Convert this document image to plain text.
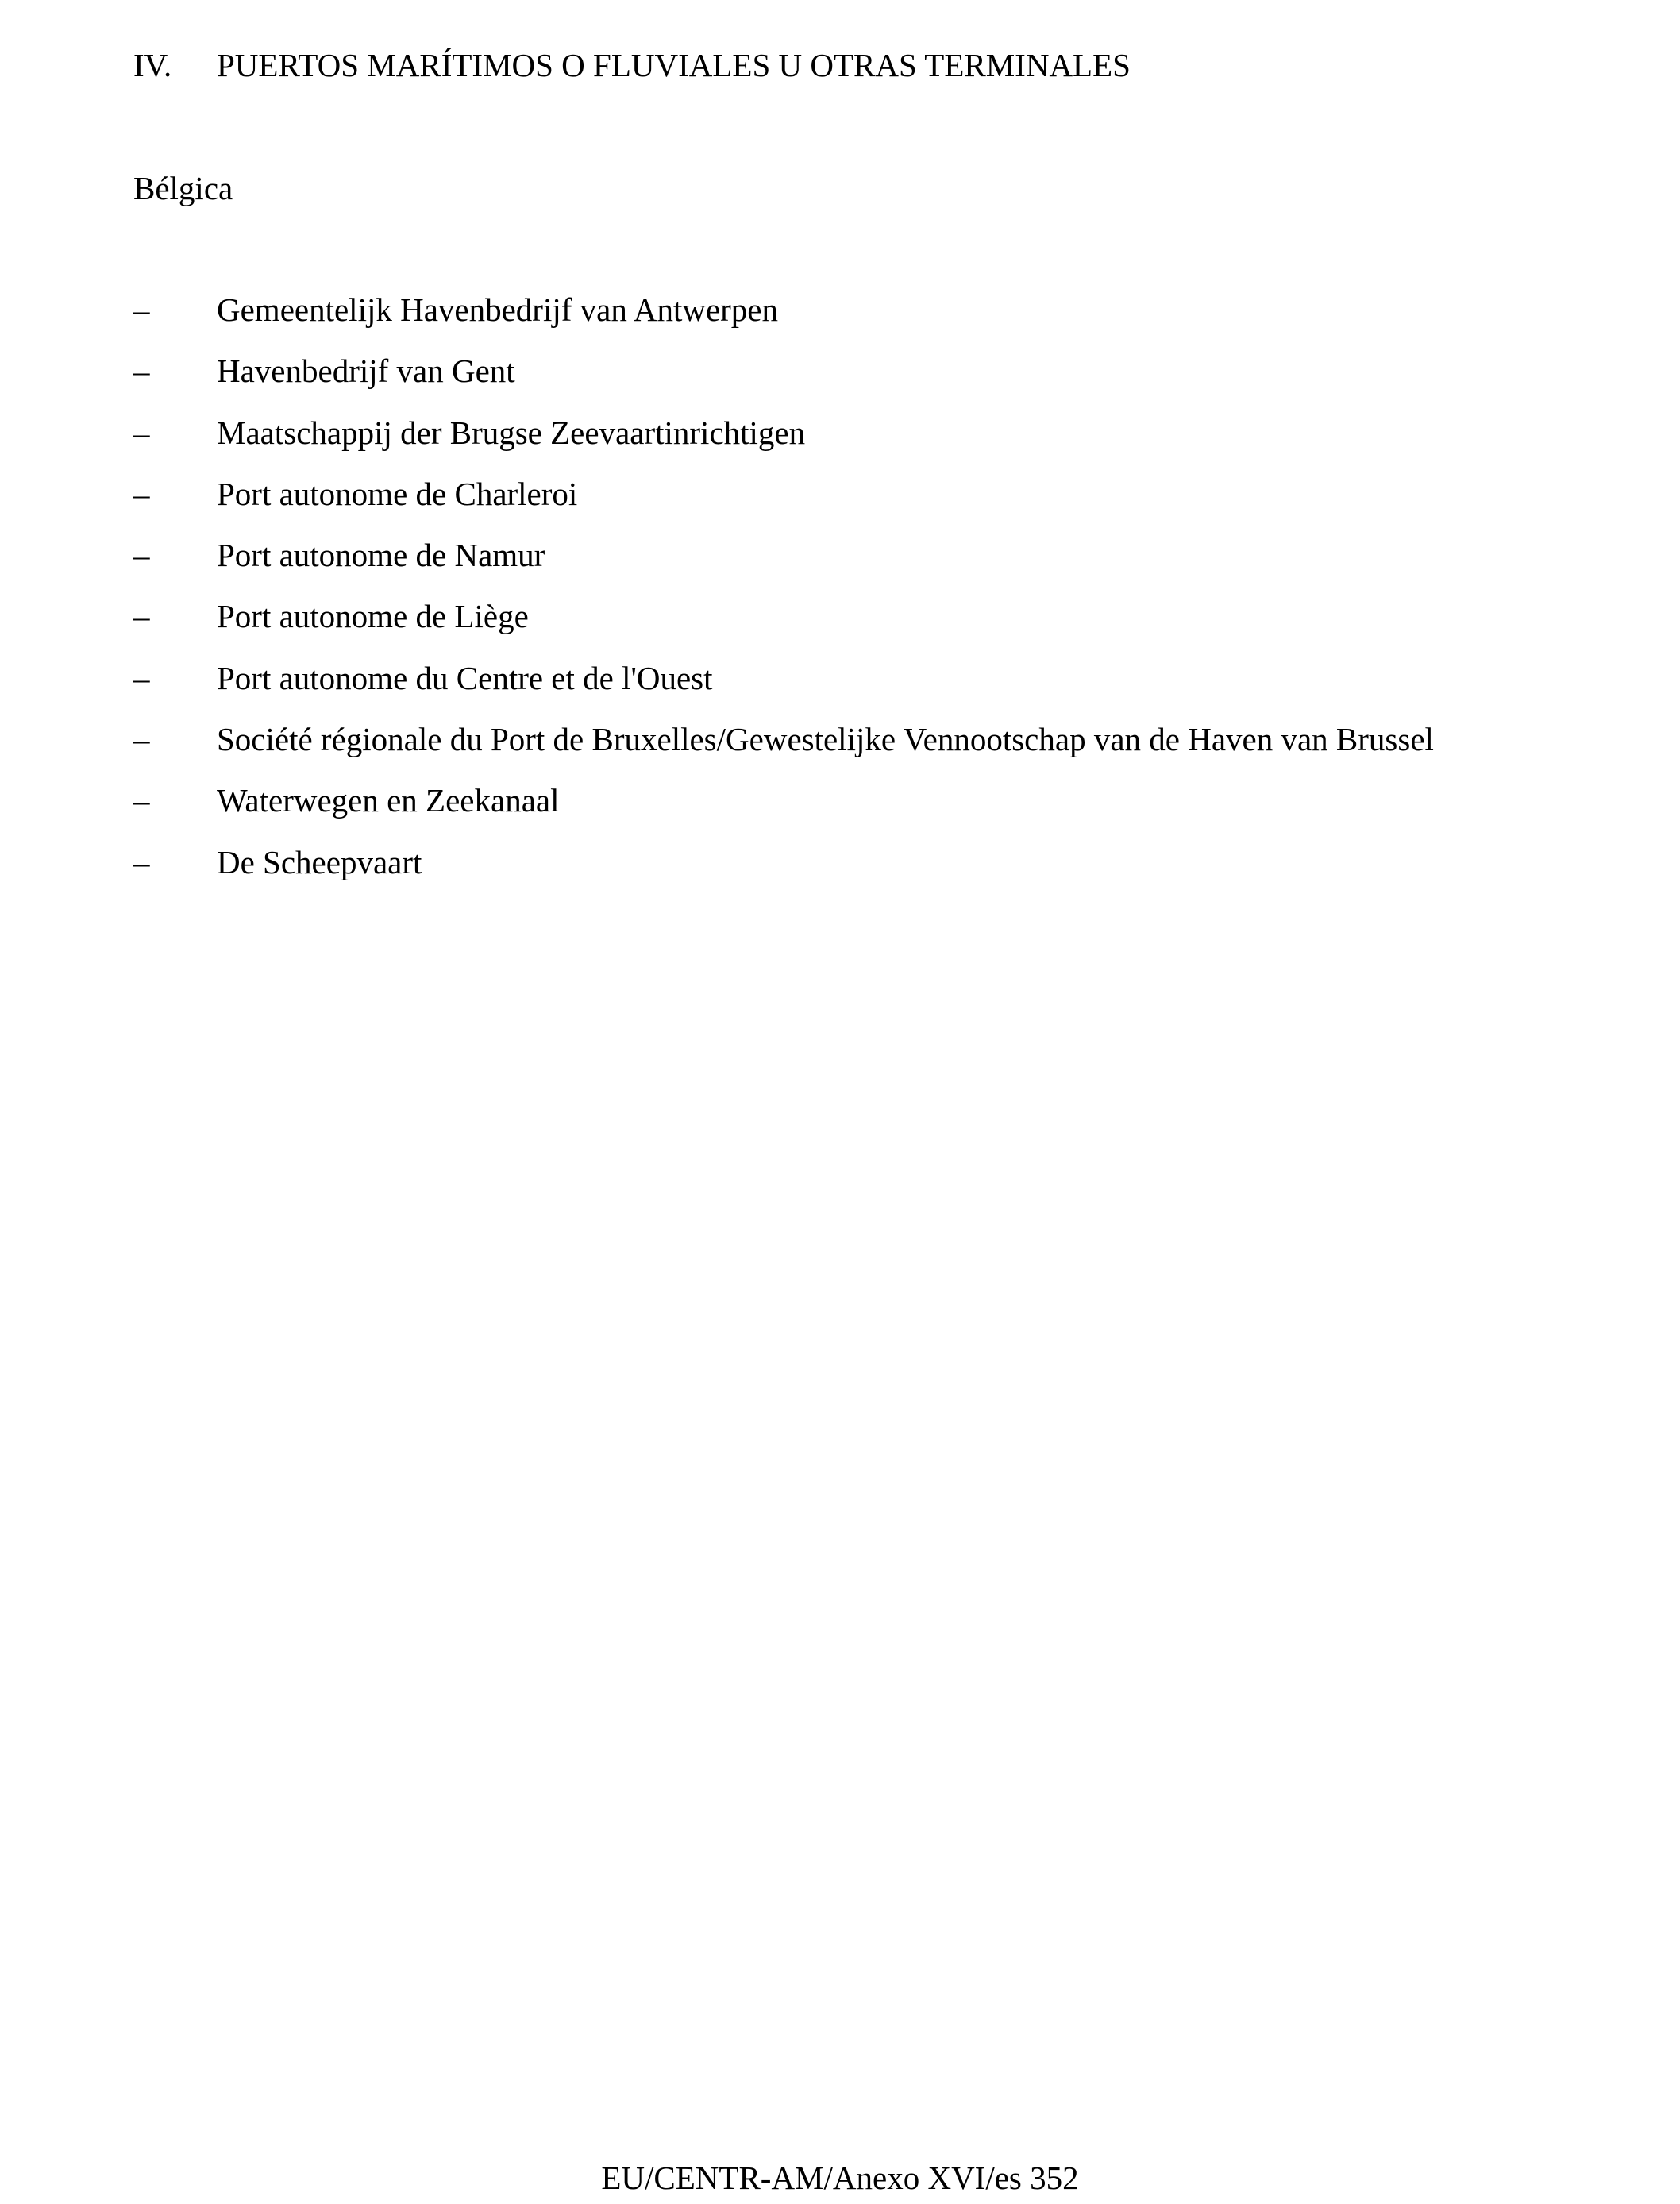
IV. PUERTOS MARÍTIMOS O FLUVIALES U OTRAS TERMINALES
Bélgica
–	Gemeentelijk Havenbedrijf van Antwerpen
–	Havenbedrijf van Gent
–	Maatschappij der Brugse Zeevaartinrichtigen
–	Port autonome de Charleroi
–	Port autonome de Namur
–	Port autonome de Liège
–	Port autonome du Centre et de l'Ouest
–	Société régionale du Port de Bruxelles/Gewestelijke Vennootschap van de Haven van Brussel
–	Waterwegen en Zeekanaal
–	De Scheepvaart
EU/CENTR-AM/Anexo XVI/es 352
